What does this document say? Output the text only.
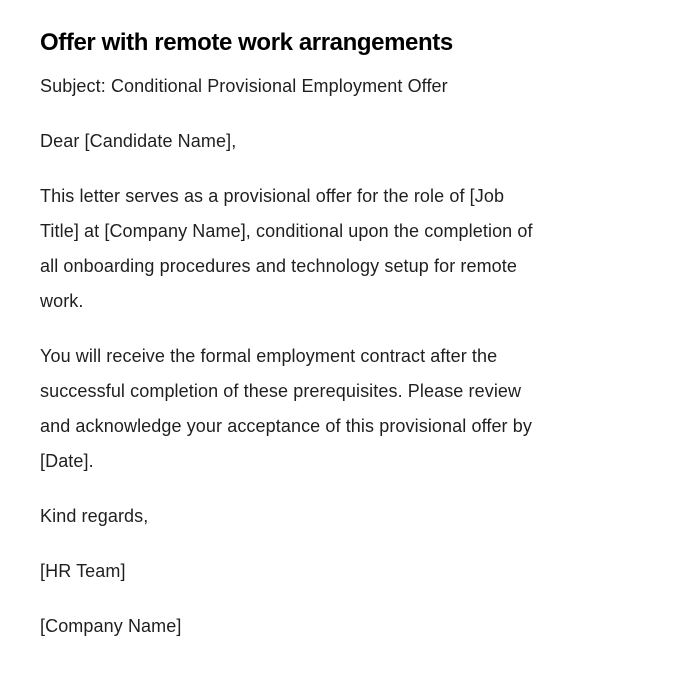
Offer with remote work arrangements

Subject: Conditional Provisional Employment Offer

Dear [Candidate Name],

This letter serves as a provisional offer for the role of [Job
Title] at [Company Name], conditional upon the completion of
all onboarding procedures and technology setup for remote
work.
You will receive the formal employment contract after the
successful completion of these prerequisites. Please review
and acknowledge your acceptance of this provisional offer by
[Date].

Kind regards,

[HR Team]

[Company Name]
